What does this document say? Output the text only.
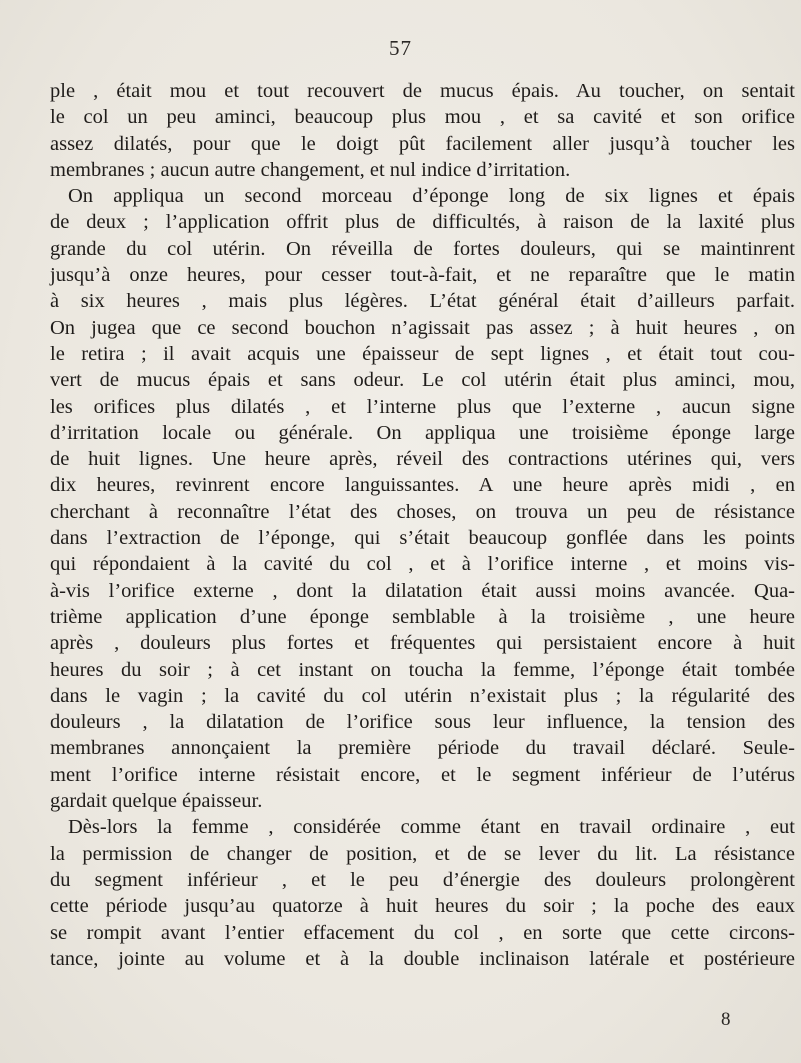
57
ple , était mou et tout recouvert de mucus épais. Au toucher, on sentait
le col un peu aminci, beaucoup plus mou , et sa cavité et son orifice
assez dilatés, pour que le doigt pût facilement aller jusqu’à toucher les
membranes ; aucun autre changement, et nul indice d’irritation.
On appliqua un second morceau d’éponge long de six lignes et épais
de deux ; l’application offrit plus de difficultés, à raison de la laxité plus
grande du col utérin. On réveilla de fortes douleurs, qui se maintinrent
jusqu’à onze heures, pour cesser tout-à-fait, et ne reparaître que le matin
à six heures , mais plus légères. L’état général était d’ailleurs parfait.
On jugea que ce second bouchon n’agissait pas assez ; à huit heures , on
le retira ; il avait acquis une épaisseur de sept lignes , et était tout cou-
vert de mucus épais et sans odeur. Le col utérin était plus aminci, mou,
les orifices plus dilatés , et l’interne plus que l’externe , aucun signe
d’irritation locale ou générale. On appliqua une troisième éponge large
de huit lignes. Une heure après, réveil des contractions utérines qui, vers
dix heures, revinrent encore languissantes. A une heure après midi , en
cherchant à reconnaître l’état des choses, on trouva un peu de résistance
dans l’extraction de l’éponge, qui s’était beaucoup gonflée dans les points
qui répondaient à la cavité du col , et à l’orifice interne , et moins vis-
à-vis l’orifice externe , dont la dilatation était aussi moins avancée. Qua-
trième application d’une éponge semblable à la troisième , une heure
après , douleurs plus fortes et fréquentes qui persistaient encore à huit
heures du soir ; à cet instant on toucha la femme, l’éponge était tombée
dans le vagin ; la cavité du col utérin n’existait plus ; la régularité des
douleurs , la dilatation de l’orifice sous leur influence, la tension des
membranes annonçaient la première période du travail déclaré. Seule-
ment l’orifice interne résistait encore, et le segment inférieur de l’utérus
gardait quelque épaisseur.
Dès-lors la femme , considérée comme étant en travail ordinaire , eut
la permission de changer de position, et de se lever du lit. La résistance
du segment inférieur , et le peu d’énergie des douleurs prolongèrent
cette période jusqu’au quatorze à huit heures du soir ; la poche des eaux
se rompit avant l’entier effacement du col , en sorte que cette circons-
tance, jointe au volume et à la double inclinaison latérale et postérieure
8
